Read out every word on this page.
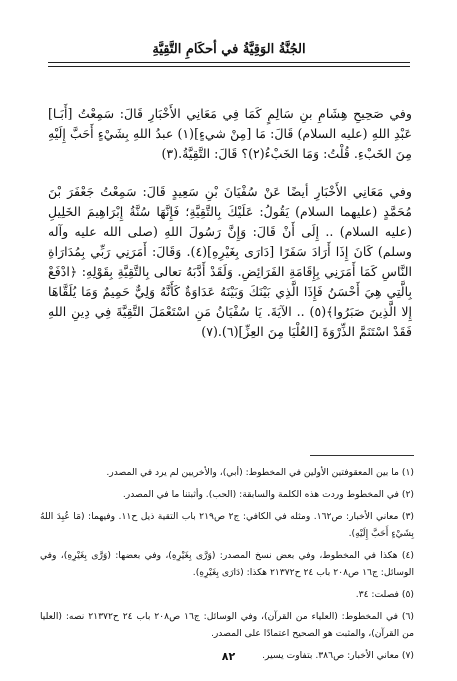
الجُنَّةُ الوَقِيَّةُ في أحكَامِ التَّقِيَّةِ

وفي صَحِيحِ هِشَامِ بنِ سَالِمٍ كَمَا فِي مَعَانِي الأَخْبَارِ قَالَ: سَمِعْتُ [أَبَـا] عَبْدِ اللهِ (عليه السلام) قَالَ: مَا [مِنْ شيءٍ](١) عبدُ اللهِ بِشَيْءٍ أَحَبَّ إِلَيْهِ مِنَ الخَبْءِ. قُلْتُ: وَمَا الخَبْءُ(٢)؟ قَالَ: التَّقِيَّةُ.(٣)

وفي مَعَانِي الأَخْبَارِ أيضًا عَنْ سُفْيَانَ بْنِ سَعِيدٍ قَالَ: سَمِعْتُ جَعْفَرَ بْنَ مُحَمَّدٍ (عليهما السلام) يَقُولُ: عَلَيْكَ بِالتَّقِيَّةِ؛ فَإِنَّهَا سُنَّةُ إِبْرَاهِيمَ الخَلِيلِ (عليه السلام) .. إِلَى أَنْ قَالَ: وَإِنَّ رَسُولَ اللهِ (صلى الله عليه وآله وسلم) كَانَ إِذَا أَرَادَ سَفَرًا [دَارَى بِغَيْرِهِ](٤). وَقَالَ: أَمَرَنِي رَبِّي بِمُدَارَاةِ النَّاسِ كَمَا أَمَرَنِي بِإِقَامَةِ الفَرَائِضِ. وَلَقَدْ أَدَّبَهُ تعالى بِالتَّقِيَّةِ بِقَوْلِهِ: ﴿ادْفَعْ بِالَّتِي هِيَ أَحْسَنُ فَإِذَا الَّذِي بَيْنَكَ وَبَيْنَهُ عَدَاوَةٌ كَأَنَّهُ وَلِيٌّ حَمِيمٌ وَمَا يُلَقَّاهَا إِلا الَّذِينَ صَبَرُوا﴾(٥) .. الآيَةَ. يَا سُفْيَانُ مَنِ اسْتَعْمَلَ التَّقِيَّةَ فِي دِينِ اللهِ فَقَدْ اسْتَنَمَّ الذِّرْوَةَ [العُلْيَا مِنَ العِزِّ](٦).(٧)

(١) ما بين المعقوفتين الأولين في المخطوط: (أبي)، والأخريين لم يرد في المصدر.

(٢) في المخطوط وردت هذه الكلمة والسابقة: (الحب). وأثبتنا ما في المصدر.

(٣) معاني الأخبار: ص١٦٢. ومثله في الكافي: ج٢ ص٢١٩ باب التقية ذيل ح١١. وفيهما: (مَا عُبِدَ اللهُ بِشَيْءٍ أَحَبَّ إِلَيْهِ).

(٤) هكذا في المخطوط، وفي بعض نسخ المصدر: (وَرَّى بِغَيْرِهِ)، وفي بعضها: (وَرَّى بِغَيْرِهِ)، وفي الوسائل: ج١٦ ص٢٠٨ باب ٢٤ ح٢١٣٧٢ هكذا: (دَارَى بِغَيْرِهِ).

(٥) فصلت: ٣٤.

(٦) في المخطوط: (العلياء من القرآن)، وفي الوسائل: ج١٦ ص٢٠٨ باب ٢٤ ح٢١٣٧٢ نصه: (العليا من القرآن)، والمثبت هو الصحيح اعتمادًا على المصدر.

(٧) معاني الأخبار: ص٣٨٦. بتفاوت يسير.

٨٢
